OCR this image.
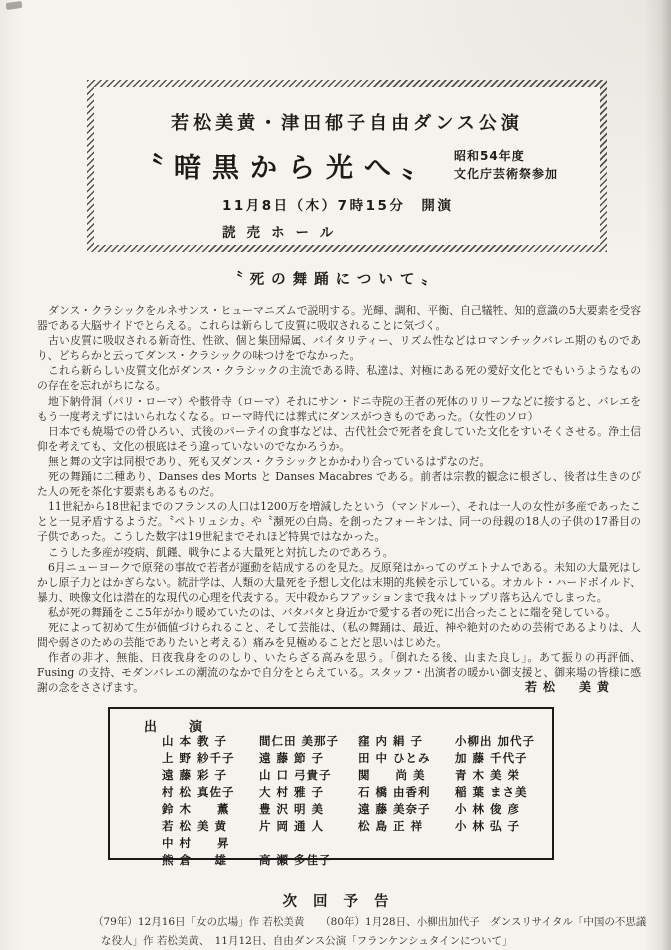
若松美黄・津田郁子自由ダンス公演
〝暗黒から光へ〟 昭和54年度
文化庁芸術祭参加
11月8日（木）7時15分　開演
読売ホール
〝死の舞踊について〟

ダンス・クラシックをルネサンス・ヒューマニズムで説明する。光輝、調和、平衡、自己犠牲、知的意識の5大要素を受容器である大脳サイドでとらえる。これらは新らして皮質に吸収されることに気づく。

古い皮質に吸収される新奇性、性欲、個と集団帰属、バイタリティー、リズム性などはロマンチックバレエ期のものであり、どちらかと云ってダンス・クラシックの味つけをでなかった。

これら新らしい皮質文化がダンス・クラシックの主流である時、私達は、対極にある死の愛好文化とでもいうようなものの存在を忘れがちになる。

地下納骨洞（パリ・ローマ）や骸骨寺（ローマ）それにサン・ドニ寺院の王者の死体のリリーフなどに接すると、バレエをもう一度考えずにはいられなくなる。ローマ時代には葬式にダンスがつきものであった。（女性のソロ）

日本でも焼場での骨ひろい、式後のパーテイの食事などは、古代社会で死者を食していた文化をすいそくさせる。浄土信仰を考えても、文化の根底はそう違っていないのでなかろうか。

無と舞の文字は同根であり、死も又ダンス・クラシックとかかわり合っているはずなのだ。

死の舞踊に二種あり、Danses des Morts と Danses Macabres である。前者は宗教的観念に根ざし、後者は生きのびた人の死を茶化す要素もあるものだ。

11世紀から18世紀までのフランスの人口は1200万を増減したという（マンドルー）、それは一人の女性が多産であったことと一見矛盾するようだ。〝ペトリュシカ〟や〝瀕死の白鳥〟を創ったフォーキンは、同一の母親の18人の子供の17番目の子供であった。こうした数字は19世紀までそれほど特異ではなかった。

こうした多産が疫病、飢饉、戦争による大量死と対抗したのであろう。

6月ニューヨークで原発の事故で若者が運動を結成するのを見た。反原発はかってのヴエトナムである。未知の大量死はしかし原子力とはかぎらない。統計学は、人類の大量死を予想し文化は末期的兆候を示している。オカルト・ハードボイルド、暴力、映像文化は潜在的な現代の心理を代表する。天中殺からフアッションまで我々はトップリ落ち込んでしまった。

私が死の舞踊をここ5年がかり暖めていたのは、バタバタと身近かで愛する者の死に出合ったことに端を発している。

死によって初めて生が価値づけられること、そして芸能は、（私の舞踊は、最近、神や絶対のための芸術であるよりは、人間や弱さのための芸能でありたいと考える）痛みを見極めることだと思いはじめた。

作者の非才、無能、日夜我身をののしり、いたらざる高みを思う。「倒れたる後、山また良し」。あて振りの再評価、Fusing の支持、モダンバレエの潮流のなかで自分をとらえている。スタッフ・出演者の暖かい御支援と、御来場の皆様に感謝の念をささげます。	若松　美黄
出　　演
山 本 教 子	間仁田 美那子	窪 内 絹 子	小柳出 加代子
上 野 紗千子	遠 藤 節 子	田 中 ひとみ	加 藤 千代子
遠 藤 彩 子	山 口 弓貴子	関　　尚 美	青 木 美 栄
村 松 真佐子	大 村 雅 子	石 橋 由香利	稲 葉 まさ美
鈴 木　　薫	豊 沢 明 美	遠 藤 美奈子	小 林 俊 彦
若 松 美 黄	片 岡 通 人	松 島 正 祥	小 林 弘 子
中 村　　昇
熊 倉 一 雄	高 瀬 多佳子
次回予告
（79年）12月16日「女の広場」作 若松美黄　　（80年）1月28日、小柳出加代子　ダンスリサイタル「中国の不思議
な役人」作 若松美黄、　11月12日、自由ダンス公演「フランケンシュタインについて」
